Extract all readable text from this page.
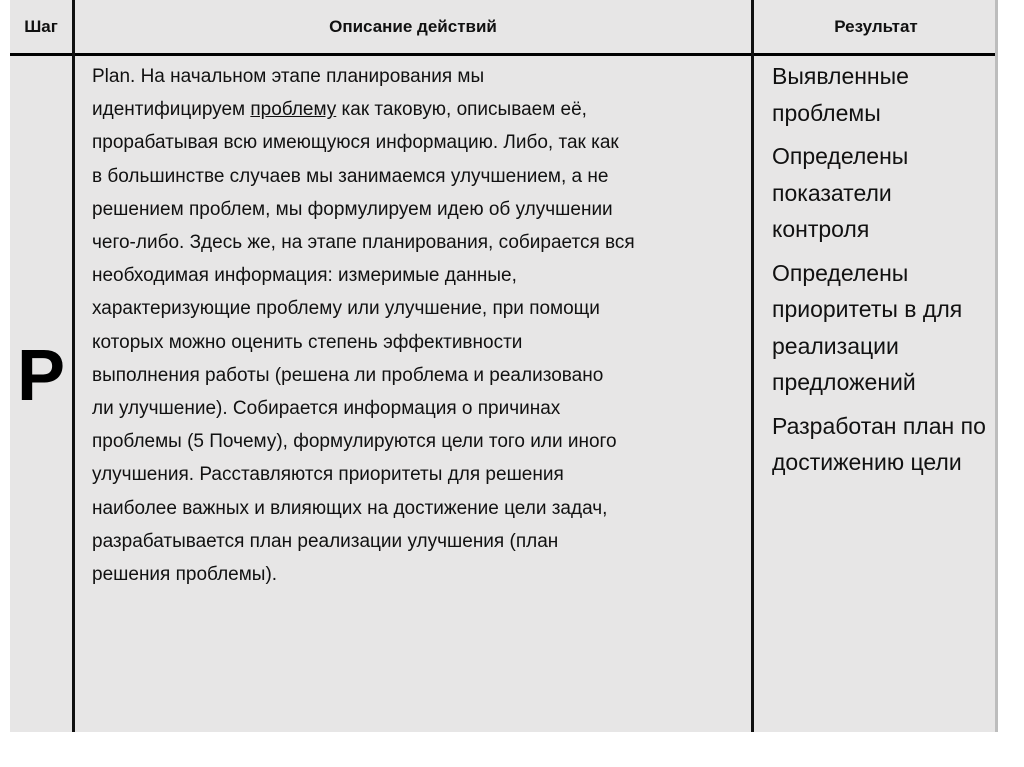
Шаг	Описание действий	Результат
P
Plan. На начальном этапе планирования мы
идентифицируем проблему как таковую, описываем её,
прорабатывая всю имеющуюся информацию. Либо, так как
в большинстве случаев мы занимаемся улучшением, а не
решением проблем, мы формулируем идею об улучшении
чего-либо. Здесь же, на этапе планирования, собирается вся
необходимая информация: измеримые данные,
характеризующие проблему или улучшение, при помощи
которых можно оценить степень эффективности
выполнения работы (решена ли проблема и реализовано
ли улучшение). Собирается информация о причинах
проблемы (5 Почему), формулируются цели того или иного
улучшения. Расставляются приоритеты для решения
наиболее важных и влияющих на достижение цели задач,
разрабатывается план реализации улучшения (план
решения проблемы).

Выявленные проблемы

Определены показатели контроля

Определены приоритеты в для реализации предложений

Разработан план по достижению цели
